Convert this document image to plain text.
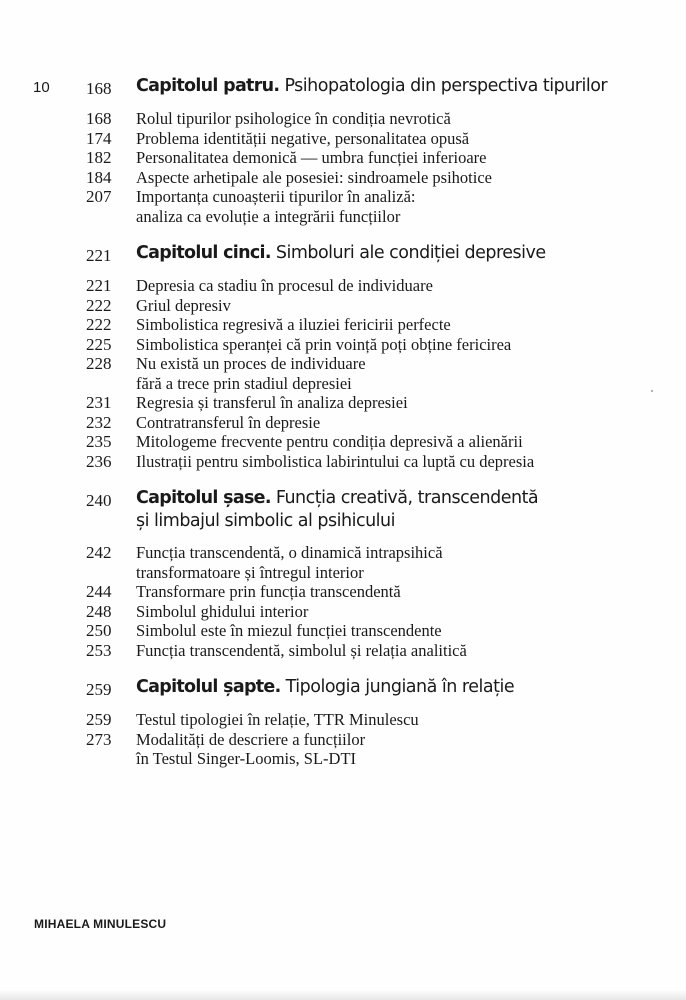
10 168	Capitolul patru. Psihopatologia din perspectiva tipurilor
168	Rolul tipurilor psihologice în condiția nevrotică
174	Problema identității negative, personalitatea opusă
182	Personalitatea demonică — umbra funcției inferioare
184	Aspecte arhetipale ale posesiei: sindroamele psihotice
207	Importanța cunoașterii tipurilor în analiză:
analiza ca evoluție a integrării funcțiilor
221	Capitolul cinci. Simboluri ale condiției depresive
221	Depresia ca stadiu în procesul de individuare
222	Griul depresiv
222	Simbolistica regresivă a iluziei fericirii perfecte
225	Simbolistica speranței că prin voință poți obține fericirea
228	Nu există un proces de individuare
fără a trece prin stadiul depresiei
231	Regresia și transferul în analiza depresiei
232	Contratransferul în depresie
235	Mitologeme frecvente pentru condiția depresivă a alienării
236	Ilustrații pentru simbolistica labirintului ca luptă cu depresia
240	Capitolul șase. Funcția creativă, transcendentă
și limbajul simbolic al psihicului
242	Funcția transcendentă, o dinamică intrapsihică
transformatoare și întregul interior
244	Transformare prin funcția transcendentă
248	Simbolul ghidului interior
250	Simbolul este în miezul funcției transcendente
253	Funcția transcendentă, simbolul și relația analitică
259	Capitolul șapte. Tipologia jungiană în relație
259	Testul tipologiei în relație, TTR Minulescu
273	Modalități de descriere a funcțiilor
în Testul Singer-Loomis, SL-DTI
MIHAELA MINULESCU
